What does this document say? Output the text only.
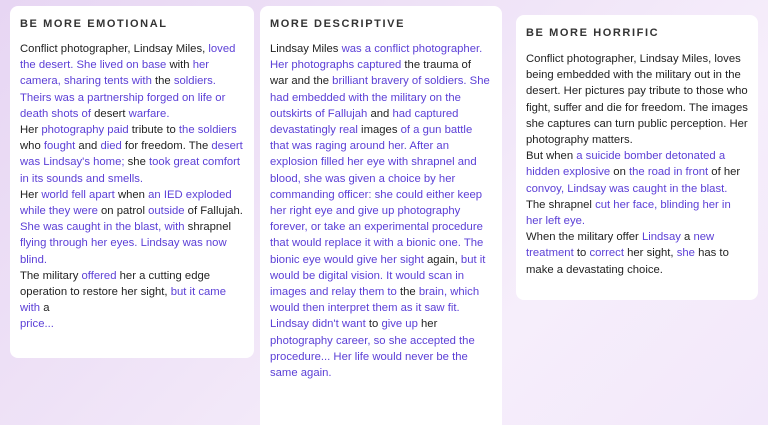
BE MORE EMOTIONAL

Conflict photographer, Lindsay Miles, loved the desert. She lived on base with her camera, sharing tents with the soldiers. Theirs was a partnership forged on life or death shots of desert warfare.

Her photography paid tribute to the soldiers who fought and died for freedom. The desert was Lindsay's home; she took great comfort in its sounds and smells.

Her world fell apart when an IED exploded while they were on patrol outside of Fallujah. She was caught in the blast, with shrapnel flying through her eyes. Lindsay was now blind.

The military offered her a cutting edge operation to restore her sight, but it came with a

price...

MORE DESCRIPTIVE

Lindsay Miles was a conflict photographer. Her photographs captured the trauma of war and the brilliant bravery of soldiers. She had embedded with the military on the outskirts of Fallujah and had captured devastatingly real images of a gun battle that was raging around her. After an explosion filled her eye with shrapnel and blood, she was given a choice by her commanding officer: she could either keep her right eye and give up photography forever, or take an experimental procedure that would replace it with a bionic one. The bionic eye would give her sight again, but it would be digital vision. It would scan in images and relay them to the brain, which would then interpret them as it saw fit. Lindsay didn't want to give up her photography career, so she accepted the procedure... Her life would never be the same again.

BE MORE HORRIFIC

Conflict photographer, Lindsay Miles, loves being embedded with the military out in the desert. Her pictures pay tribute to those who fight, suffer and die for freedom. The images she captures can turn public perception. Her photography matters.

But when a suicide bomber detonated a hidden explosive on the road in front of her convoy, Lindsay was caught in the blast. The shrapnel cut her face, blinding her in her left eye.

When the military offer Lindsay a new treatment to correct her sight, she has to make a devastating choice.
